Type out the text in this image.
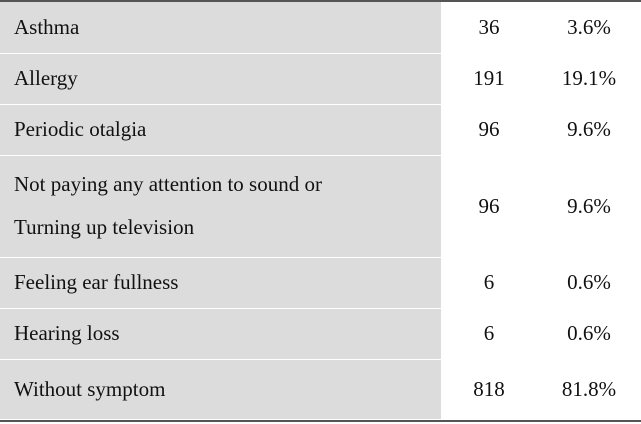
Asthma	36	3.6%

Allergy	191	19.1%

Periodic otalgia	96	9.6%

Not paying any attention to sound or
Turning up television	96	9.6%

Feeling ear fullness	6	0.6%

Hearing loss	6	0.6%

Without symptom	818	81.8%
